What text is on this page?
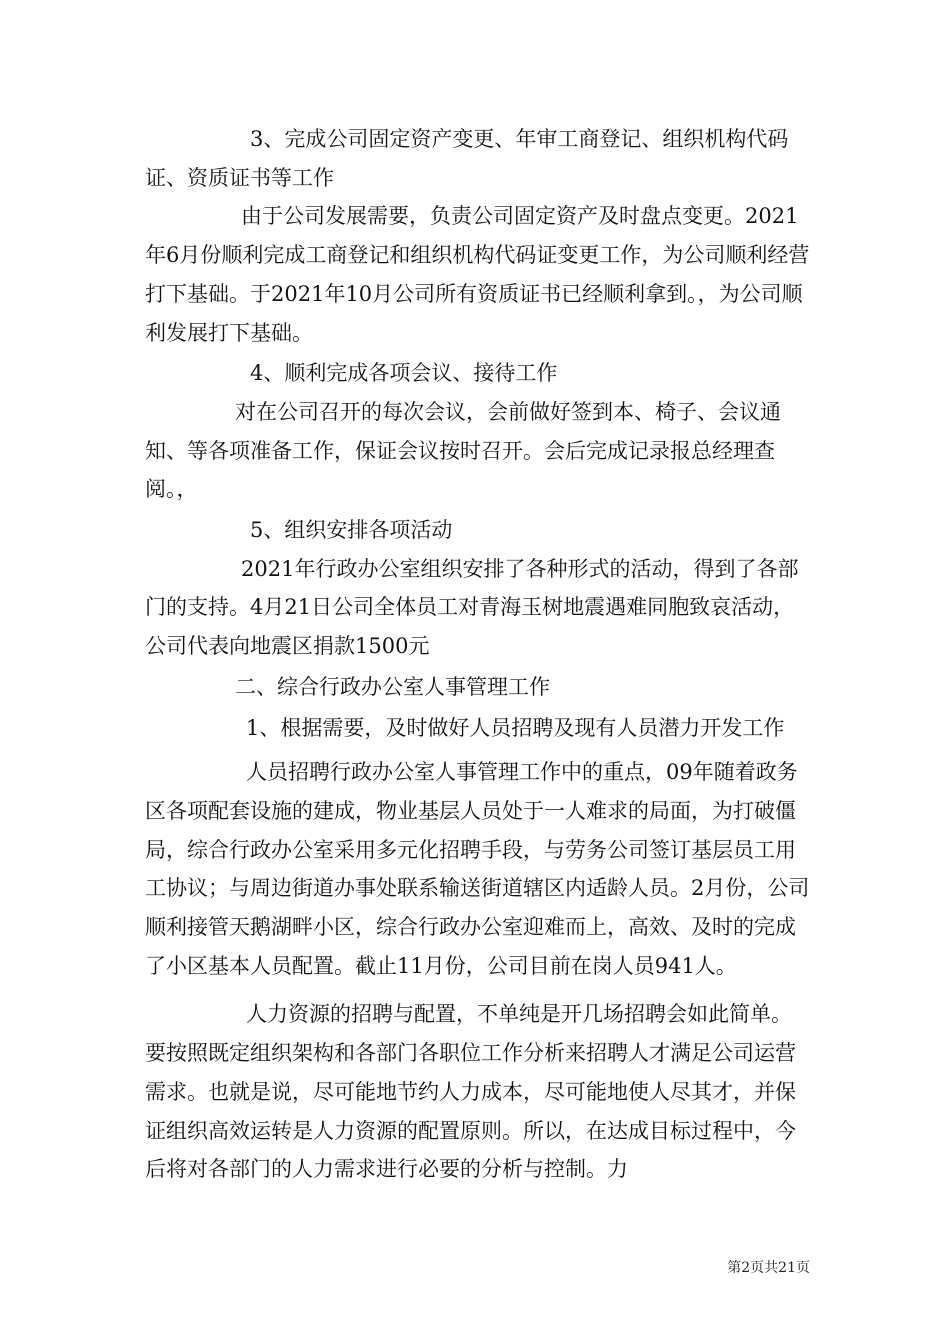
3、完成公司固定资产变更、年审工商登记、组织机构代码证、资质证书等工作

由于公司发展需要，负责公司固定资产及时盘点变更。2021年6月份顺利完成工商登记和组织机构代码证变更工作，为公司顺利经营打下基础。于2021年10月公司所有资质证书已经顺利拿到。，为公司顺利发展打下基础。

4、顺利完成各项会议、接待工作

对在公司召开的每次会议，会前做好签到本、椅子、会议通知、等各项准备工作，保证会议按时召开。会后完成记录报总经理查阅。，

5、组织安排各项活动

2021年行政办公室组织安排了各种形式的活动，得到了各部门的支持。4月21日公司全体员工对青海玉树地震遇难同胞致哀活动，公司代表向地震区捐款1500元

二、综合行政办公室人事管理工作

1、根据需要，及时做好人员招聘及现有人员潜力开发工作

人员招聘行政办公室人事管理工作中的重点，09年随着政务区各项配套设施的建成，物业基层人员处于一人难求的局面，为打破僵局，综合行政办公室采用多元化招聘手段，与劳务公司签订基层员工用工协议；与周边街道办事处联系输送街道辖区内适龄人员。2月份，公司顺利接管天鹅湖畔小区，综合行政办公室迎难而上，高效、及时的完成了小区基本人员配置。截止11月份，公司目前在岗人员941人。

人力资源的招聘与配置，不单纯是开几场招聘会如此简单。要按照既定组织架构和各部门各职位工作分析来招聘人才满足公司运营需求。也就是说，尽可能地节约人力成本，尽可能地使人尽其才，并保证组织高效运转是人力资源的配置原则。所以，在达成目标过程中，今后将对各部门的人力需求进行必要的分析与控制。力

第2页共21页
